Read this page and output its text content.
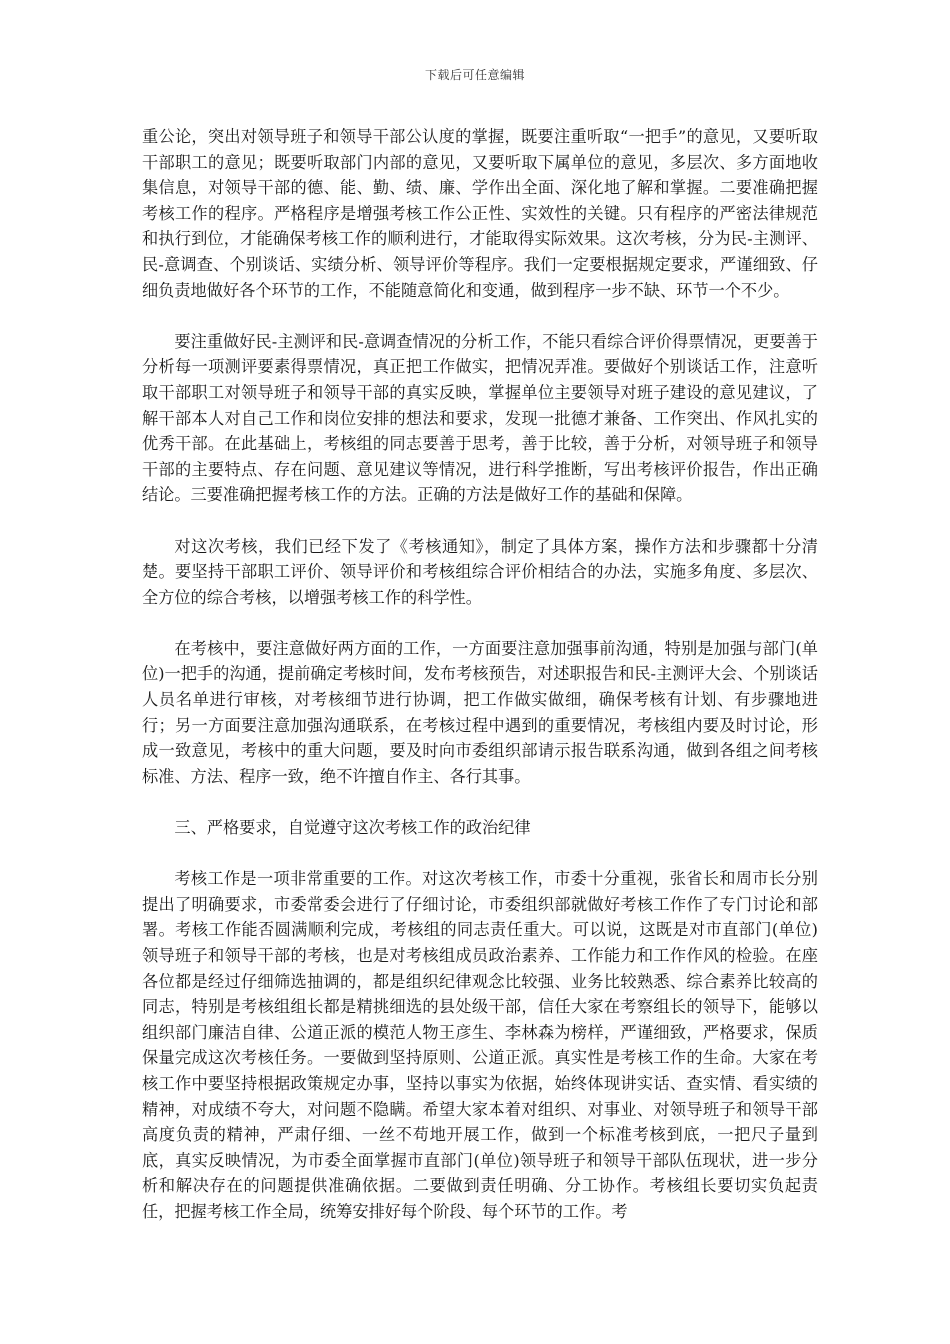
下载后可任意编辑

重公论，突出对领导班子和领导干部公认度的掌握，既要注重听取“一把手”的意见，又要听取干部职工的意见；既要听取部门内部的意见，又要听取下属单位的意见，多层次、多方面地收集信息，对领导干部的德、能、勤、绩、廉、学作出全面、深化地了解和掌握。二要准确把握考核工作的程序。严格程序是增强考核工作公正性、实效性的关键。只有程序的严密法律规范和执行到位，才能确保考核工作的顺利进行，才能取得实际效果。这次考核，分为民-主测评、民-意调查、个别谈话、实绩分析、领导评价等程序。我们一定要根据规定要求，严谨细致、仔细负责地做好各个环节的工作，不能随意简化和变通，做到程序一步不缺、环节一个不少。

要注重做好民-主测评和民-意调查情况的分析工作，不能只看综合评价得票情况，更要善于分析每一项测评要素得票情况，真正把工作做实，把情况弄准。要做好个别谈话工作，注意听取干部职工对领导班子和领导干部的真实反映，掌握单位主要领导对班子建设的意见建议，了解干部本人对自己工作和岗位安排的想法和要求，发现一批德才兼备、工作突出、作风扎实的优秀干部。在此基础上，考核组的同志要善于思考，善于比较，善于分析，对领导班子和领导干部的主要特点、存在问题、意见建议等情况，进行科学推断，写出考核评价报告，作出正确结论。三要准确把握考核工作的方法。正确的方法是做好工作的基础和保障。

对这次考核，我们已经下发了《考核通知》，制定了具体方案，操作方法和步骤都十分清楚。要坚持干部职工评价、领导评价和考核组综合评价相结合的办法，实施多角度、多层次、全方位的综合考核，以增强考核工作的科学性。

在考核中，要注意做好两方面的工作，一方面要注意加强事前沟通，特别是加强与部门(单位)一把手的沟通，提前确定考核时间，发布考核预告，对述职报告和民-主测评大会、个别谈话人员名单进行审核，对考核细节进行协调，把工作做实做细，确保考核有计划、有步骤地进行；另一方面要注意加强沟通联系，在考核过程中遇到的重要情况，考核组内要及时讨论，形成一致意见，考核中的重大问题，要及时向市委组织部请示报告联系沟通，做到各组之间考核标准、方法、程序一致，绝不许擅自作主、各行其事。

三、严格要求，自觉遵守这次考核工作的政治纪律

考核工作是一项非常重要的工作。对这次考核工作，市委十分重视，张省长和周市长分别提出了明确要求，市委常委会进行了仔细讨论，市委组织部就做好考核工作作了专门讨论和部署。考核工作能否圆满顺利完成，考核组的同志责任重大。可以说，这既是对市直部门(单位)领导班子和领导干部的考核，也是对考核组成员政治素养、工作能力和工作作风的检验。在座各位都是经过仔细筛选抽调的，都是组织纪律观念比较强、业务比较熟悉、综合素养比较高的同志，特别是考核组组长都是精挑细选的县处级干部，信任大家在考察组长的领导下，能够以组织部门廉洁自律、公道正派的模范人物王彦生、李林森为榜样，严谨细致，严格要求，保质保量完成这次考核任务。一要做到坚持原则、公道正派。真实性是考核工作的生命。大家在考核工作中要坚持根据政策规定办事，坚持以事实为依据，始终体现讲实话、查实情、看实绩的精神，对成绩不夸大，对问题不隐瞒。希望大家本着对组织、对事业、对领导班子和领导干部高度负责的精神，严肃仔细、一丝不苟地开展工作，做到一个标准考核到底，一把尺子量到底，真实反映情况，为市委全面掌握市直部门(单位)领导班子和领导干部队伍现状，进一步分析和解决存在的问题提供准确依据。二要做到责任明确、分工协作。考核组长要切实负起责任，把握考核工作全局，统筹安排好每个阶段、每个环节的工作。考
